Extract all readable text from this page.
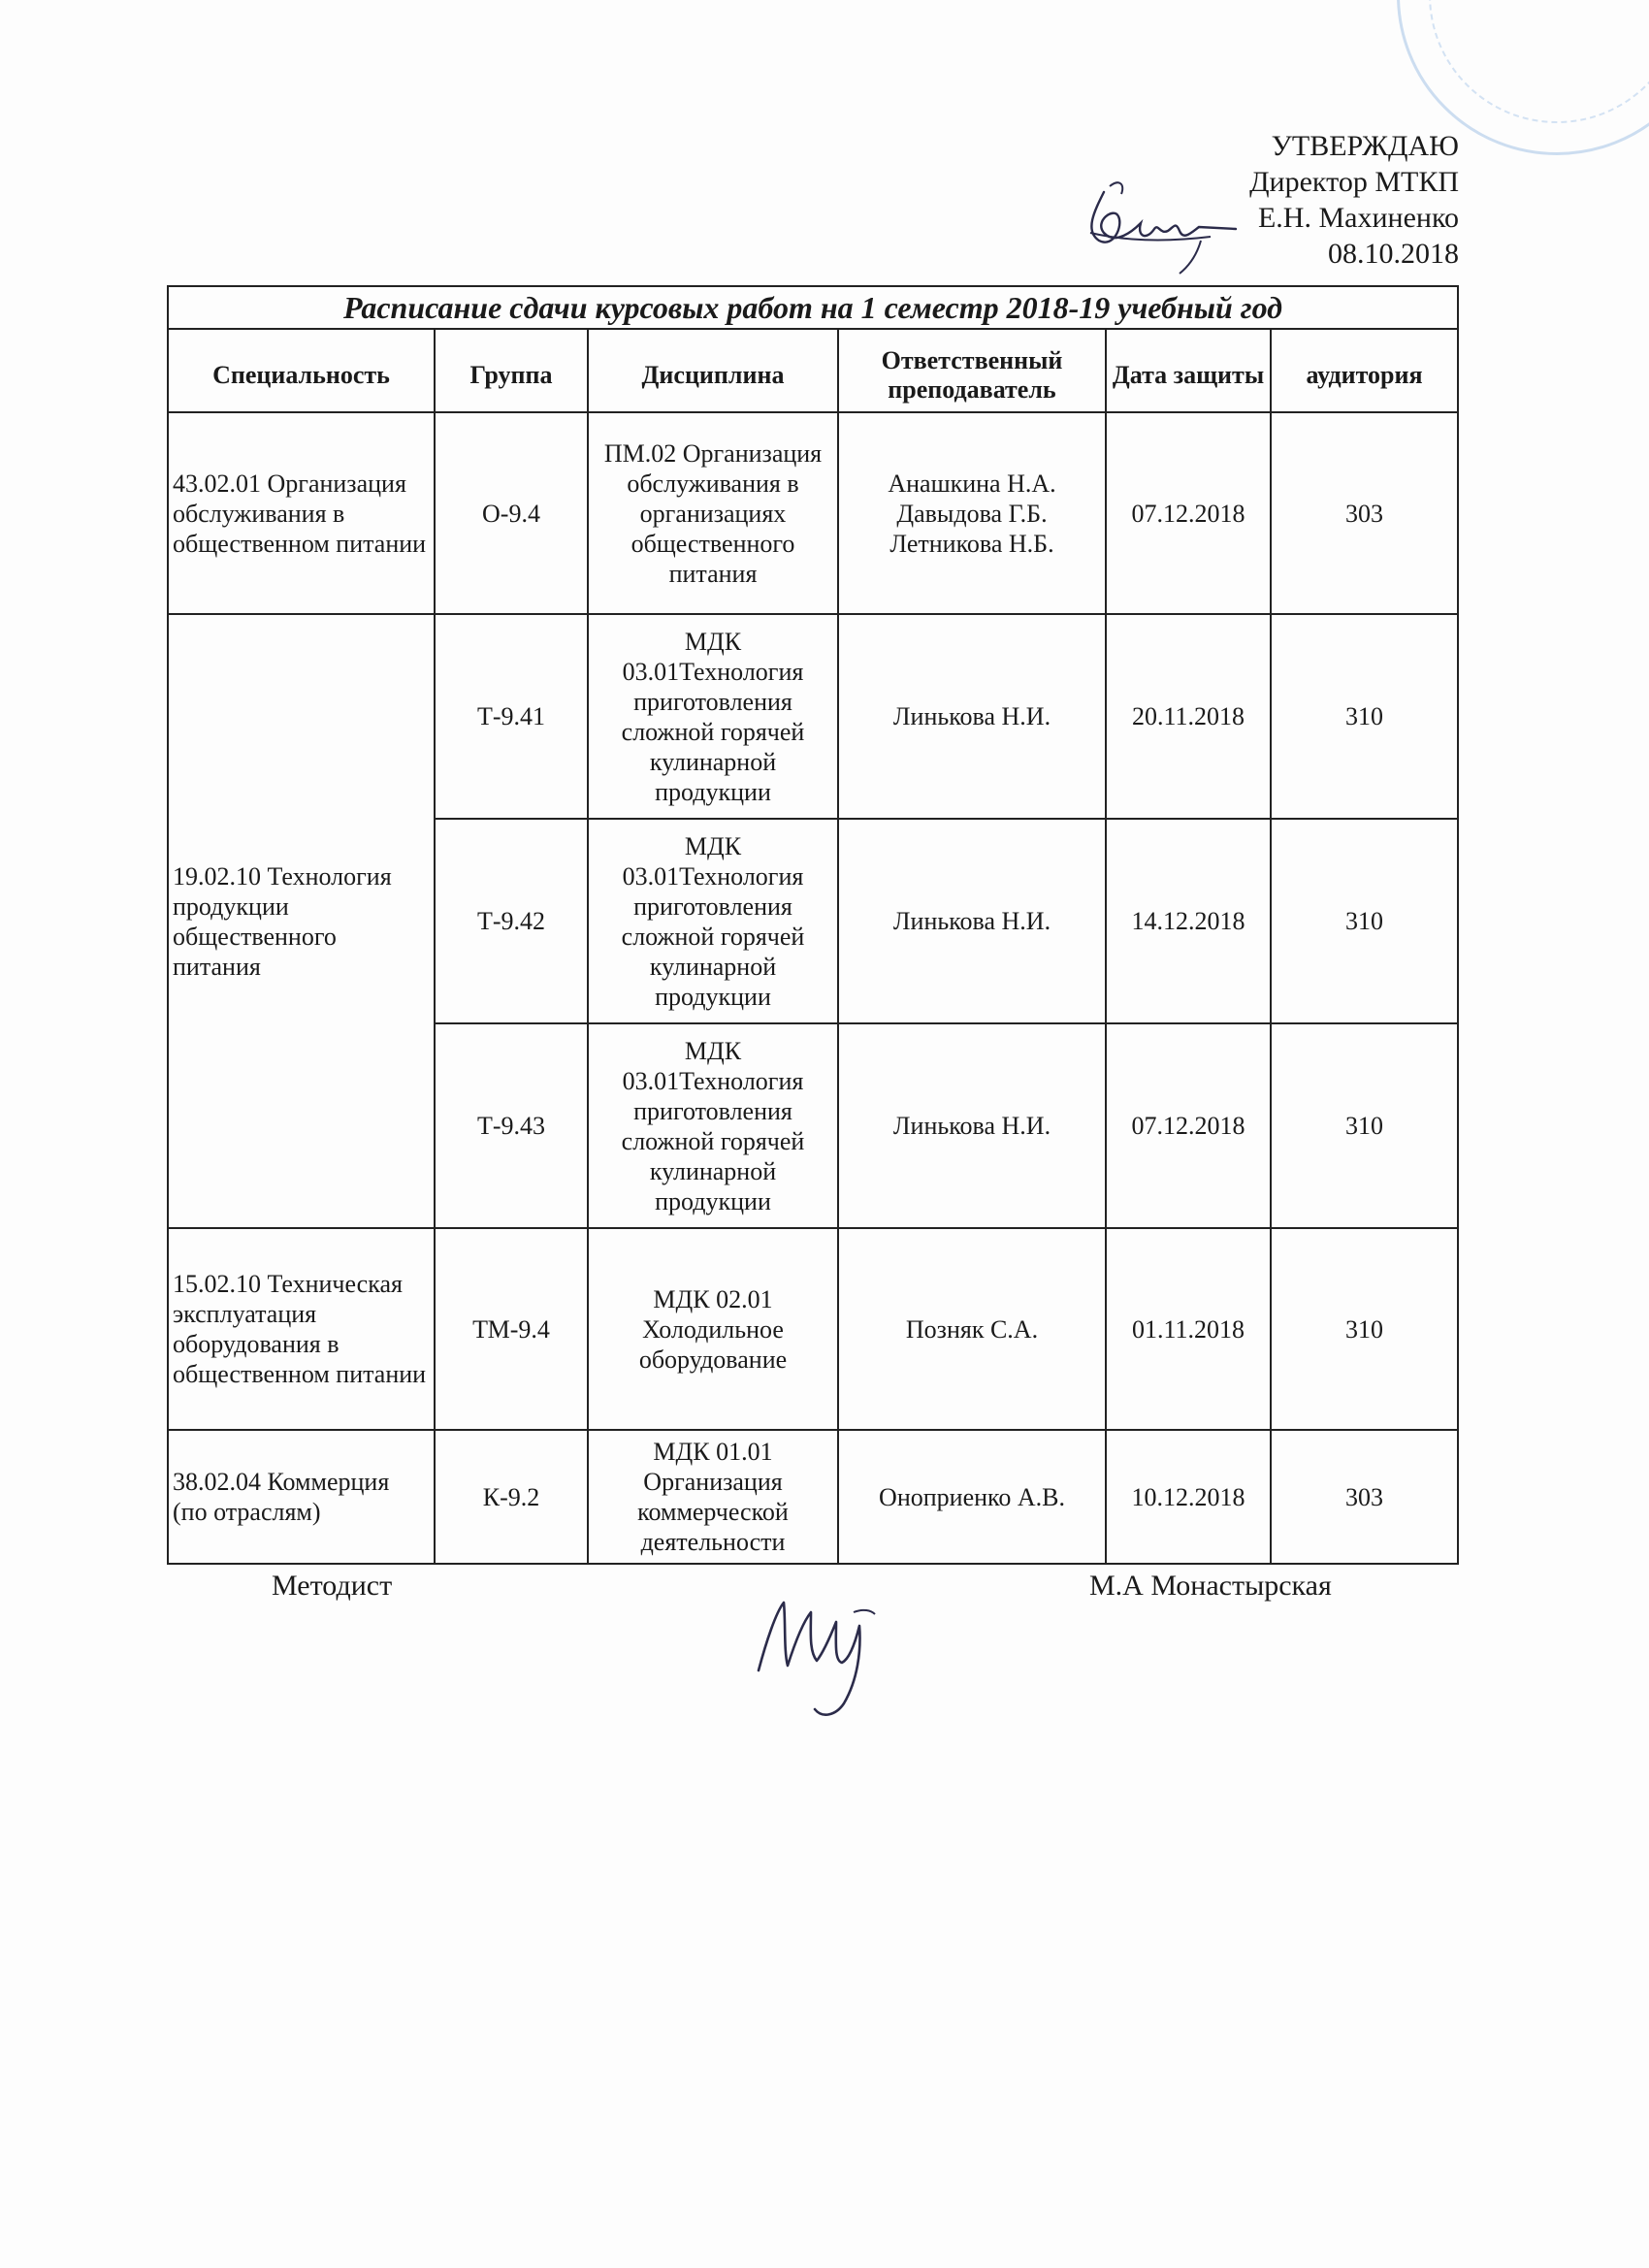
УТВЕРЖДАЮ
Директор МТКП
Е.Н. Махиненко
08.10.2018
Расписание сдачи курсовых работ на 1 семестр 2018-19 учебный год					
Специальность	Группа	Дисциплина	Ответственный преподаватель	Дата защиты	аудитория
43.02.01 Организация обслуживания в общественном питании	О-9.4	ПМ.02 Организация обслуживания в организациях общественного питания	Анашкина Н.А. Давыдова Г.Б. Летникова Н.Б.	07.12.2018	303
19.02.10 Технология продукции общественного питания	Т-9.41	МДК 03.01Технология приготовления сложной горячей кулинарной продукции	Линькова Н.И.	20.11.2018	310
	Т-9.42	МДК 03.01Технология приготовления сложной горячей кулинарной продукции	Линькова Н.И.	14.12.2018	310
	Т-9.43	МДК 03.01Технология приготовления сложной горячей кулинарной продукции	Линькова Н.И.	07.12.2018	310
15.02.10 Техническая эксплуатация оборудования в общественном питании	ТМ-9.4	МДК 02.01 Холодильное оборудование	Позняк С.А.	01.11.2018	310
38.02.04 Коммерция (по отраслям)	К-9.2	МДК 01.01 Организация коммерческой деятельности	Оноприенко А.В.	10.12.2018	303
Методист	М.А Монастырская
